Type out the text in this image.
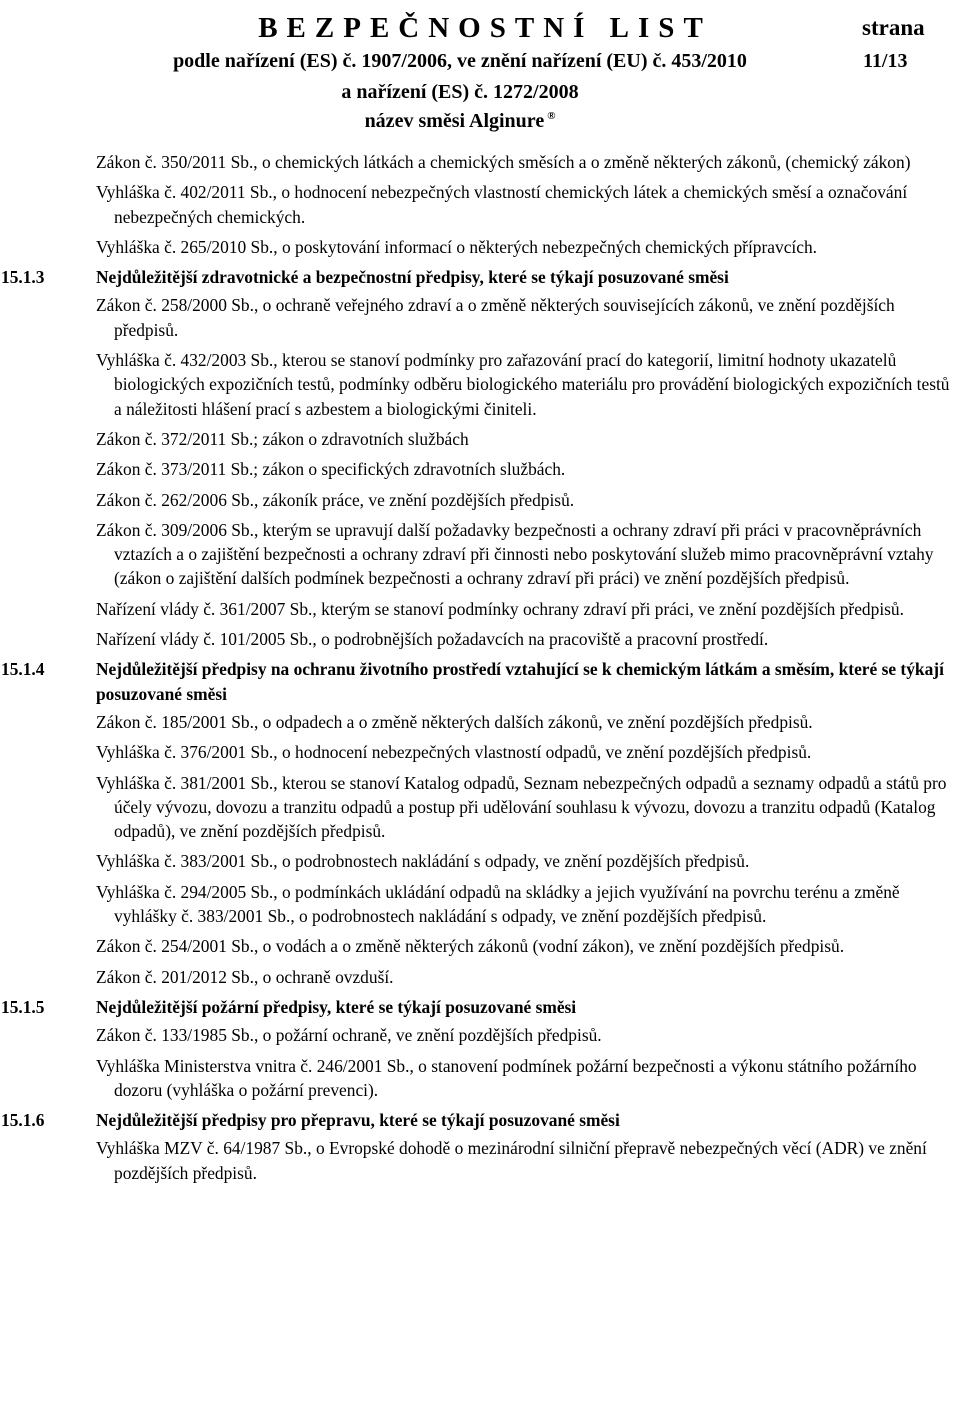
BEZPEČNOSTNÍ LIST	strana
podle nařízení (ES) č. 1907/2006, ve znění nařízení (EU) č. 453/2010	11/13
a nařízení (ES) č. 1272/2008
název směsi Alginure ®
Zákon č. 350/2011 Sb., o chemických látkách a chemických směsích a o změně některých zákonů, (chemický zákon)
Vyhláška č. 402/2011 Sb., o hodnocení nebezpečných vlastností chemických látek a chemických směsí a označování nebezpečných chemických.
Vyhláška č. 265/2010 Sb., o poskytování informací o některých nebezpečných chemických přípravcích.
15.1.3	Nejdůležitější zdravotnické a bezpečnostní předpisy, které se týkají posuzované směsi
Zákon č. 258/2000 Sb., o ochraně veřejného zdraví a o změně některých souvisejících zákonů, ve znění pozdějších předpisů.
Vyhláška č. 432/2003 Sb., kterou se stanoví podmínky pro zařazování prací do kategorií, limitní hodnoty ukazatelů biologických expozičních testů, podmínky odběru biologického materiálu pro provádění biologických expozičních testů a náležitosti hlášení prací s azbestem a biologickými činiteli.
Zákon č. 372/2011 Sb.; zákon o zdravotních službách
Zákon č. 373/2011 Sb.; zákon o specifických zdravotních službách.
Zákon č. 262/2006 Sb., zákoník práce, ve znění pozdějších předpisů.
Zákon č. 309/2006 Sb., kterým se upravují další požadavky bezpečnosti a ochrany zdraví při práci v pracovněprávních vztazích a o zajištění bezpečnosti a ochrany zdraví při činnosti nebo poskytování služeb mimo pracovněprávní vztahy (zákon o zajištění dalších podmínek bezpečnosti a ochrany zdraví při práci) ve znění pozdějších předpisů.
Nařízení vlády č. 361/2007 Sb., kterým se stanoví podmínky ochrany zdraví při práci, ve znění pozdějších předpisů.
Nařízení vlády č. 101/2005 Sb., o podrobnějších požadavcích na pracoviště a pracovní prostředí.
15.1.4	Nejdůležitější předpisy na ochranu životního prostředí vztahující se k chemickým látkám a směsím, které se týkají posuzované směsi
Zákon č. 185/2001 Sb., o odpadech a o změně některých dalších zákonů, ve znění pozdějších předpisů.
Vyhláška č. 376/2001 Sb., o hodnocení nebezpečných vlastností odpadů, ve znění pozdějších předpisů.
Vyhláška č. 381/2001 Sb., kterou se stanoví Katalog odpadů, Seznam nebezpečných odpadů a seznamy odpadů a států pro účely vývozu, dovozu a tranzitu odpadů a postup při udělování souhlasu k vývozu, dovozu a tranzitu odpadů (Katalog odpadů), ve znění pozdějších předpisů.
Vyhláška č. 383/2001 Sb., o podrobnostech nakládání s odpady, ve znění pozdějších předpisů.
Vyhláška č. 294/2005 Sb., o podmínkách ukládání odpadů na skládky a jejich využívání na povrchu terénu a změně vyhlášky č. 383/2001 Sb., o podrobnostech nakládání s odpady, ve znění pozdějších předpisů.
Zákon č. 254/2001 Sb., o vodách a o změně některých zákonů (vodní zákon), ve znění pozdějších předpisů.
Zákon č. 201/2012 Sb., o ochraně ovzduší.
15.1.5	Nejdůležitější požární předpisy, které se týkají posuzované směsi
Zákon č. 133/1985 Sb., o požární ochraně, ve znění pozdějších předpisů.
Vyhláška Ministerstva vnitra č. 246/2001 Sb., o stanovení podmínek požární bezpečnosti a výkonu státního požárního dozoru (vyhláška o požární prevenci).
15.1.6	Nejdůležitější předpisy pro přepravu, které se týkají posuzované směsi
Vyhláška MZV č. 64/1987 Sb., o Evropské dohodě o mezinárodní silniční přepravě nebezpečných věcí (ADR) ve znění pozdějších předpisů.
